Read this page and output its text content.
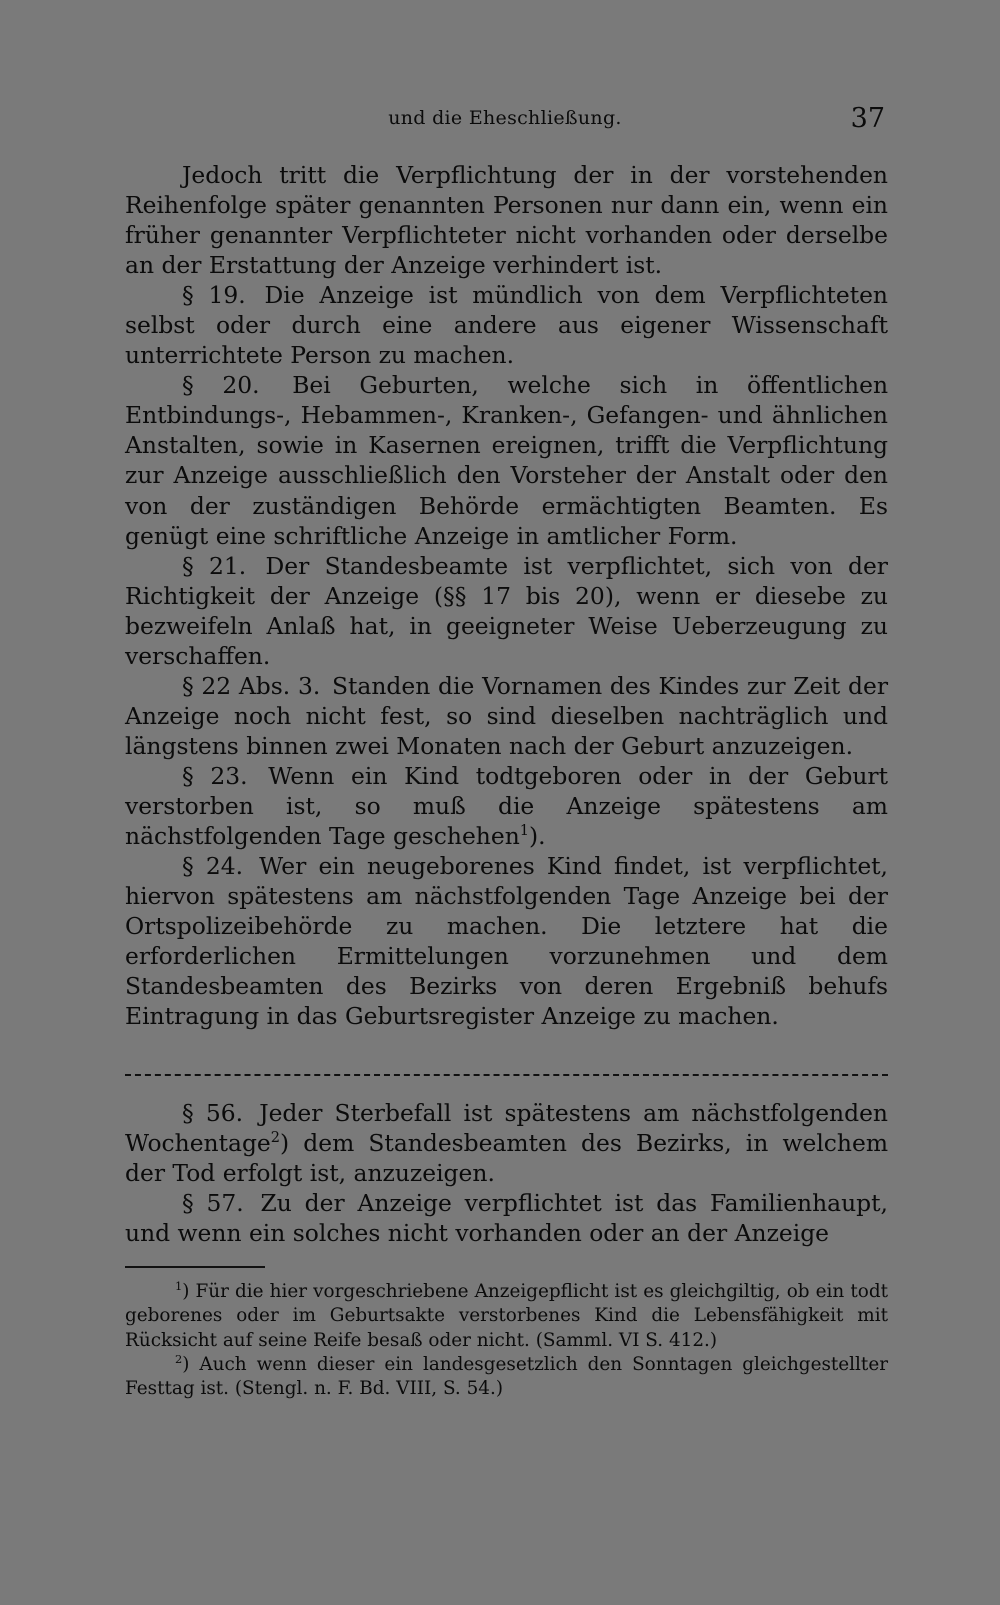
und die Eheschließung.	37

Jedoch tritt die Verpflichtung der in der vorstehenden Reihenfolge später genannten Personen nur dann ein, wenn ein früher genannter Verpflichteter nicht vorhanden oder derselbe an der Erstattung der Anzeige verhindert ist.

§ 19. Die Anzeige ist mündlich von dem Verpflichteten selbst oder durch eine andere aus eigener Wissenschaft unterrichtete Person zu machen.

§ 20. Bei Geburten, welche sich in öffentlichen Entbindungs-, Hebammen-, Kranken-, Gefangen- und ähnlichen Anstalten, sowie in Kasernen ereignen, trifft die Verpflichtung zur Anzeige ausschließlich den Vorsteher der Anstalt oder den von der zuständigen Behörde ermächtigten Beamten. Es genügt eine schriftliche Anzeige in amtlicher Form.

§ 21. Der Standesbeamte ist verpflichtet, sich von der Richtigkeit der Anzeige (§§ 17 bis 20), wenn er diesebe zu bezweifeln Anlaß hat, in geeigneter Weise Ueberzeugung zu verschaffen.

§ 22 Abs. 3. Standen die Vornamen des Kindes zur Zeit der Anzeige noch nicht fest, so sind dieselben nachträglich und längstens binnen zwei Monaten nach der Geburt anzuzeigen.

§ 23. Wenn ein Kind todtgeboren oder in der Geburt verstorben ist, so muß die Anzeige spätestens am nächstfolgenden Tage geschehen$^1$).

§ 24. Wer ein neugeborenes Kind findet, ist verpflichtet, hiervon spätestens am nächstfolgenden Tage Anzeige bei der Ortspolizeibehörde zu machen. Die letztere hat die erforderlichen Ermittelungen vorzunehmen und dem Standesbeamten des Bezirks von deren Ergebniß behufs Eintragung in das Geburtsregister Anzeige zu machen.

§ 56. Jeder Sterbefall ist spätestens am nächstfolgenden Wochentage$^2$) dem Standesbeamten des Bezirks, in welchem der Tod erfolgt ist, anzuzeigen.

§ 57. Zu der Anzeige verpflichtet ist das Familienhaupt, und wenn ein solches nicht vorhanden oder an der Anzeige

$^1$) Für die hier vorgeschriebene Anzeigepflicht ist es gleichgiltig, ob ein todt geborenes oder im Geburtsakte verstorbenes Kind die Lebensfähigkeit mit Rücksicht auf seine Reife besaß oder nicht. (Samml. VI S. 412.)

$^2$) Auch wenn dieser ein landesgesetzlich den Sonntagen gleichgestellter Festtag ist. (Stengl. n. F. Bd. VIII, S. 54.)
